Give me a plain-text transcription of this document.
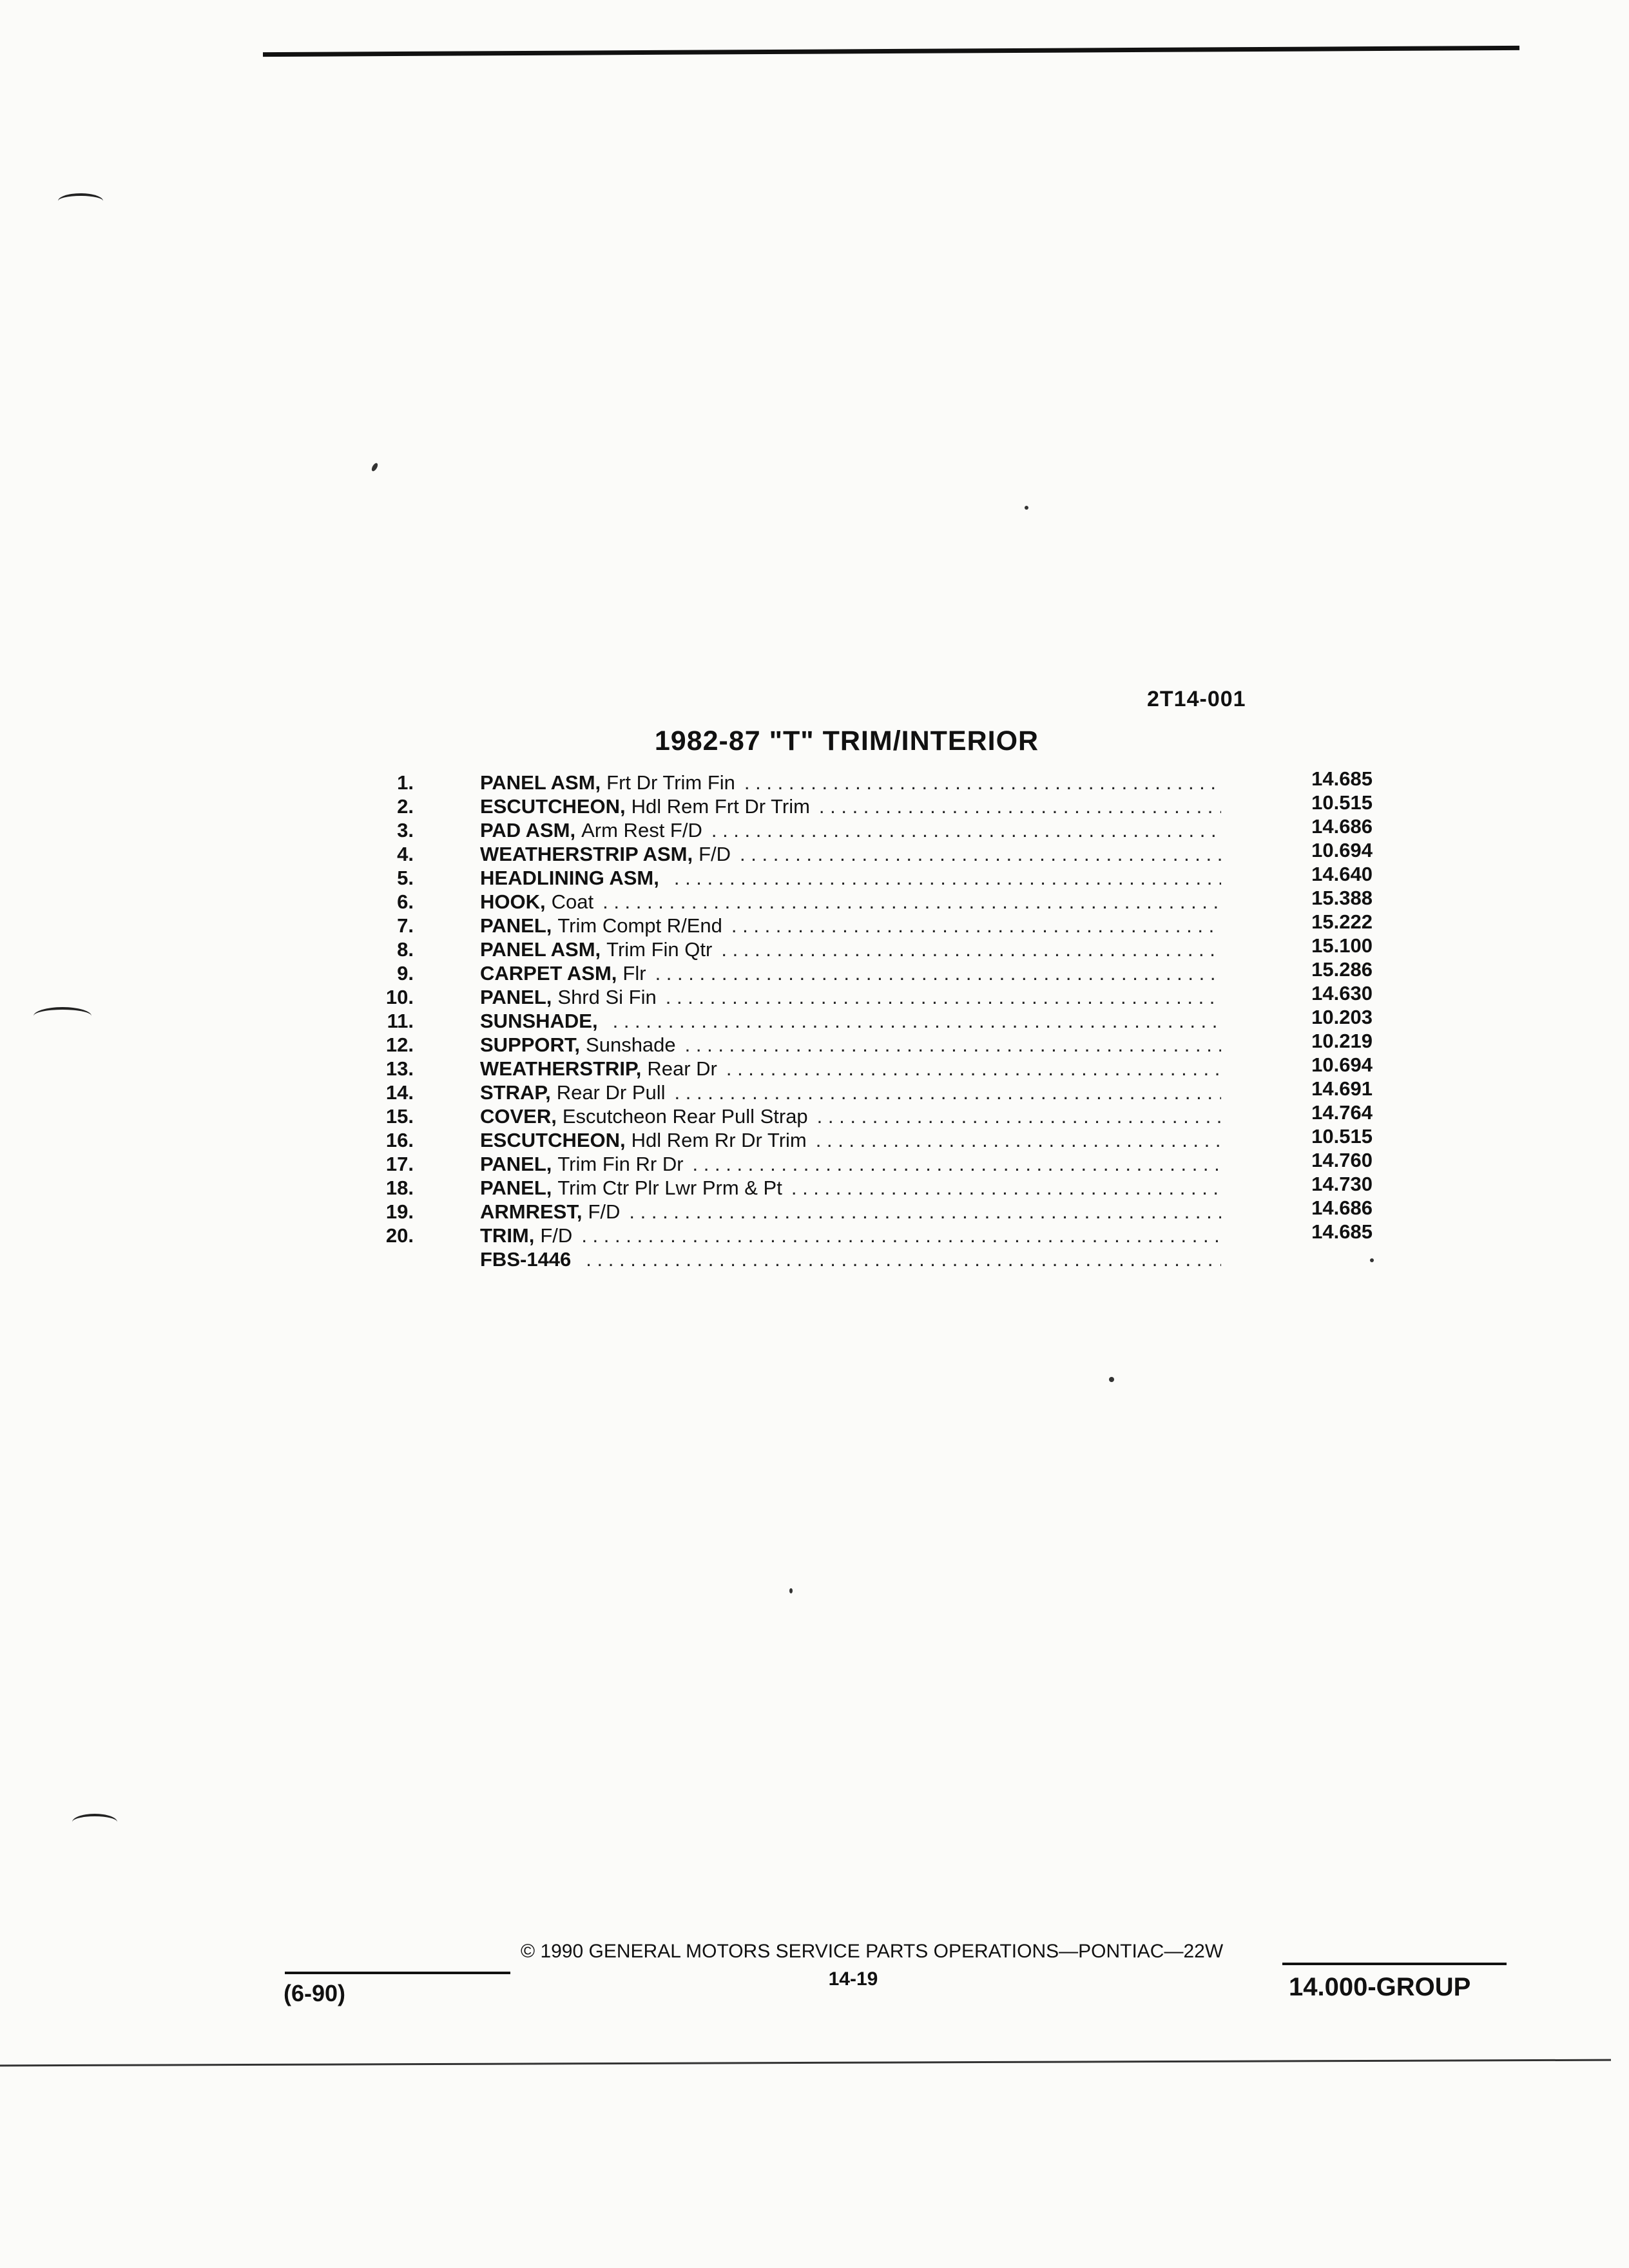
2T14-001
1982-87 "T" TRIM/INTERIOR
1.	PANEL ASM, Frt Dr Trim Fin . . .	14.685
2.	ESCUTCHEON, Hdl Rem Frt Dr Trim . . .	10.515
3.	PAD ASM, Arm Rest F/D . . .	14.686
4.	WEATHERSTRIP ASM, F/D . . .	10.694
5.	HEADLINING ASM, . . .	14.640
6.	HOOK, Coat . . .	15.388
7.	PANEL, Trim Compt R/End . . .	15.222
8.	PANEL ASM, Trim Fin Qtr . . .	15.100
9.	CARPET ASM, Flr . . .	15.286
10.	PANEL, Shrd Si Fin . . .	14.630
11.	SUNSHADE, . . .	10.203
12.	SUPPORT, Sunshade . . .	10.219
13.	WEATHERSTRIP, Rear Dr . . .	10.694
14.	STRAP, Rear Dr Pull . . .	14.691
15.	COVER, Escutcheon Rear Pull Strap . . .	14.764
16.	ESCUTCHEON, Hdl Rem Rr Dr Trim . . .	10.515
17.	PANEL, Trim Fin Rr Dr . . .	14.760
18.	PANEL, Trim Ctr Plr Lwr Prm & Pt . . .	14.730
19.	ARMREST, F/D . . .	14.686
20.	TRIM, F/D . . .	14.685
FBS-1446
. . .
© 1990 GENERAL MOTORS SERVICE PARTS OPERATIONS—PONTIAC—22W
(6-90)
14-19	14.000-GROUP
